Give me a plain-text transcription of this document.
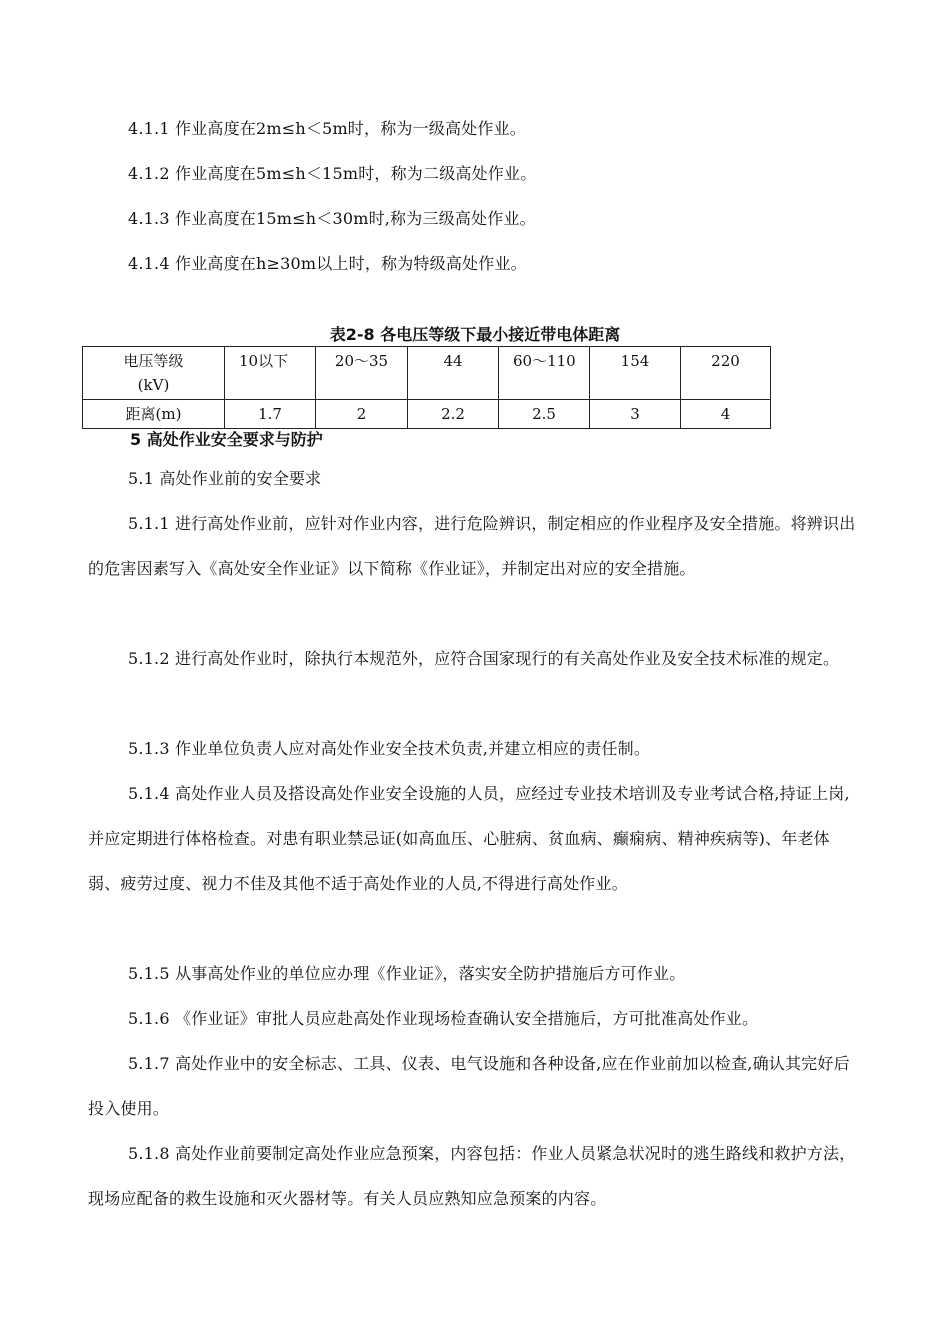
4.1.1 作业高度在2m≤h＜5m时，称为一级高处作业。

4.1.2 作业高度在5m≤h＜15m时，称为二级高处作业。

4.1.3 作业高度在15m≤h＜30m时,称为三级高处作业。

4.1.4 作业高度在h≥30m以上时，称为特级高处作业。

表2-8 各电压等级下最小接近带电体距离
电压等级
(kV)	10以下	20～35	44	60～110	154	220
距离(m)	1.7	2	2.2	2.5	3	4

5 高处作业安全要求与防护

5.1 高处作业前的安全要求

5.1.1 进行高处作业前，应针对作业内容，进行危险辨识，制定相应的作业程序及安全措施。将辨识出的危害因素写入《高处安全作业证》以下简称《作业证》，并制定出对应的安全措施。

5.1.2 进行高处作业时，除执行本规范外，应符合国家现行的有关高处作业及安全技术标准的规定。

5.1.3 作业单位负责人应对高处作业安全技术负责,并建立相应的责任制。

5.1.4 高处作业人员及搭设高处作业安全设施的人员，应经过专业技术培训及专业考试合格,持证上岗,并应定期进行体格检查。对患有职业禁忌证(如高血压、心脏病、贫血病、癫痫病、精神疾病等)、年老体弱、疲劳过度、视力不佳及其他不适于高处作业的人员,不得进行高处作业。

5.1.5 从事高处作业的单位应办理《作业证》，落实安全防护措施后方可作业。

5.1.6 《作业证》审批人员应赴高处作业现场检查确认安全措施后，方可批准高处作业。

5.1.7 高处作业中的安全标志、工具、仪表、电气设施和各种设备,应在作业前加以检查,确认其完好后投入使用。

5.1.8 高处作业前要制定高处作业应急预案，内容包括：作业人员紧急状况时的逃生路线和救护方法，现场应配备的救生设施和灭火器材等。有关人员应熟知应急预案的内容。
